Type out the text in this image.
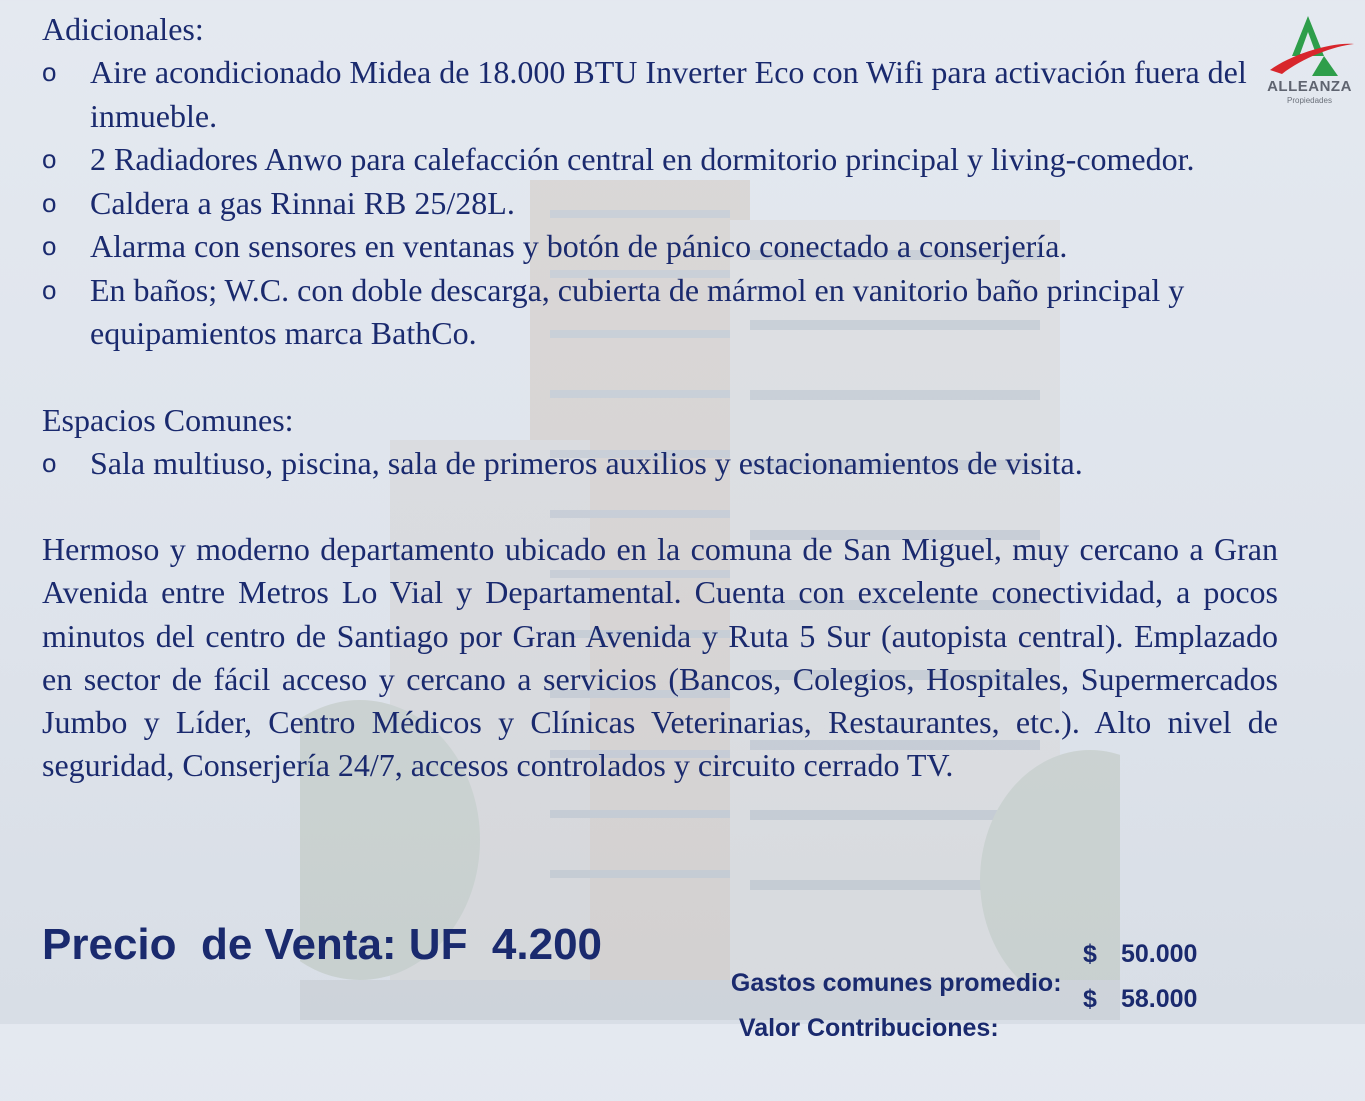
ALLEANZA
Propiedades
Adicionales:
o Aire acondicionado Midea de 18.000 BTU Inverter Eco con Wifi para activación fuera del inmueble.
o 2 Radiadores Anwo para calefacción central en dormitorio principal y living-comedor.
o Caldera a gas Rinnai RB 25/28L.
o Alarma con sensores en ventanas y botón de pánico conectado a conserjería.
o En baños; W.C. con doble descarga, cubierta de mármol en vanitorio baño principal y equipamientos marca BathCo.
Espacios Comunes:
o Sala multiuso, piscina, sala de primeros auxilios y estacionamientos de visita.

Hermoso y moderno departamento ubicado en la comuna de San Miguel, muy cercano a Gran Avenida entre Metros Lo Vial y Departamental. Cuenta con excelente conectividad, a pocos minutos del centro de Santiago por Gran Avenida y Ruta 5 Sur (autopista central). Emplazado en sector de fácil acceso y cercano a servicios (Bancos, Colegios, Hospitales, Supermercados Jumbo y Líder, Centro Médicos y Clínicas Veterinarias, Restaurantes, etc.). Alto nivel de seguridad, Conserjería 24/7, accesos controlados y circuito cerrado TV.

Precio  de Venta: UF  4.200

Gastos comunes promedio:

$

50.000

Valor Contribuciones:

$

58.000
